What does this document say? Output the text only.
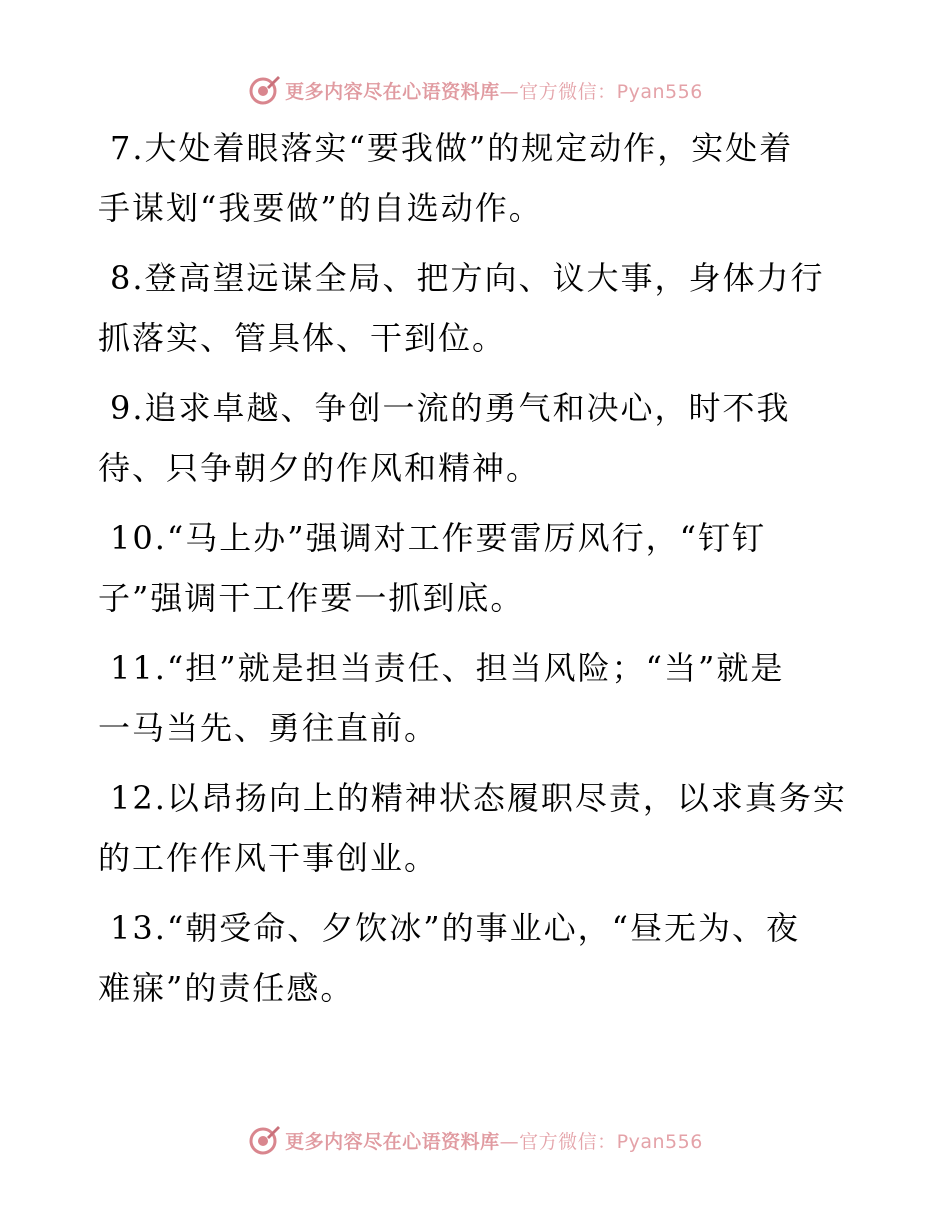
更多内容尽在心语资料库—官方微信：Pyan556

7.大处着眼落实“要我做”的规定动作，实处着
手谋划“我要做”的自选动作。

8.登高望远谋全局、把方向、议大事，身体力行
抓落实、管具体、干到位。

9.追求卓越、争创一流的勇气和决心，时不我
待、只争朝夕的作风和精神。

10.“马上办”强调对工作要雷厉风行，“钉钉
子”强调干工作要一抓到底。

11.“担”就是担当责任、担当风险；“当”就是
一马当先、勇往直前。

12.以昂扬向上的精神状态履职尽责，以求真务实
的工作作风干事创业。

13.“朝受命、夕饮冰”的事业心，“昼无为、夜
难寐”的责任感。

更多内容尽在心语资料库—官方微信：Pyan556
